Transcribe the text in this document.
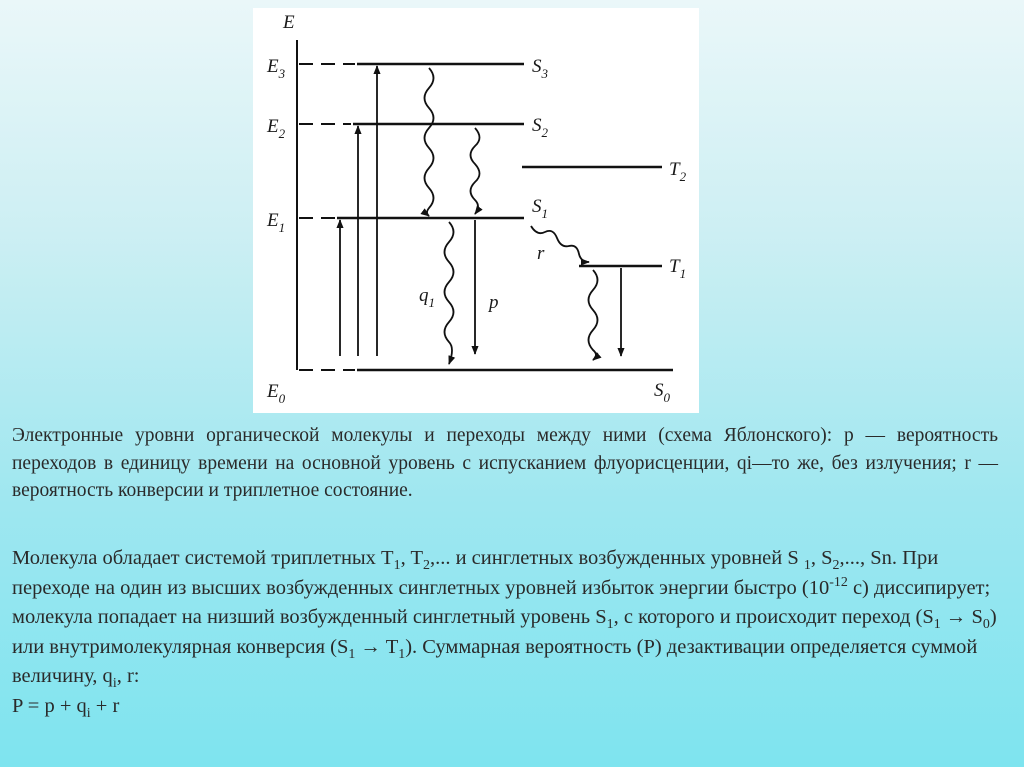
E
$E_3$
$E_2$
$E_1$
$E_0$
$S_3$
$S_2$
$S_1$
$S_0$
$T_2$
$T_1$
$q_1$	p
r

Электронные уровни органической молекулы и переходы между ними (схема Яблонского): р — вероятность переходов в единицу времени на основной уровень с испусканием флуорисценции, qi—то же, без излучения; r — вероятность конверсии и триплетное состояние.

Молекула обладает системой триплетных $T_1$, $T_2$,... и синглетных возбужденных уровней S $_1$, $S_2$,..., Sn. При переходе на один из высших возбужденных синглетных уровней избыток энергии быстро ($10^{-12}$ с) диссипирует; молекула попадает на низший возбужденный синглетный уровень $S_1$, с которого и происходит переход $(S_1 \to S_0)$ или внутримолекулярная конверсия $(S_1 \to T_1)$. Суммарная вероятность (P) дезактивации определяется суммой величину, $q_i$, r:

$P = p + q_i + r$
